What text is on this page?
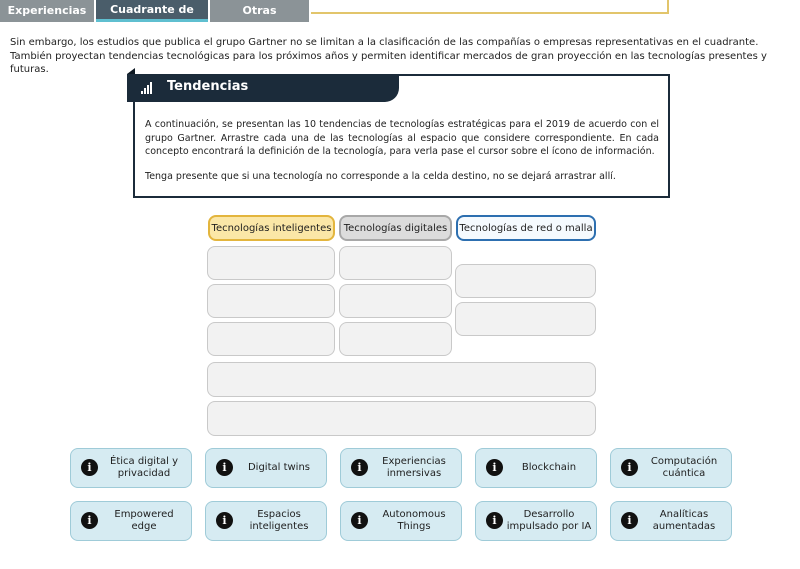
Experiencias	Cuadrante de Gartner
Otras evaluaciones

Sin embargo, los estudios que publica el grupo Gartner no se limitan a la clasificación de las compañías o empresas representativas en el cuadrante. También proyectan tendencias tecnológicas para los próximos años y permiten identificar mercados de gran proyección en las tecnologías presentes y futuras.

Tendencias

A continuación, se presentan las 10 tendencias de tecnologías estratégicas para el 2019 de acuerdo con el grupo Gartner. Arrastre cada una de las tecnologías al espacio que considere correspondiente. En cada concepto encontrará la definición de la tecnología, para verla pase el cursor sobre el ícono de información.

Tenga presente que si una tecnología no corresponde a la celda destino, no se dejará arrastrar allí.

Tecnologías inteligentes	Tecnologías digitales	Tecnologías de red o malla
i	Ética digital y privacidad	i	Digital twins	i	Experiencias inmersivas	i	Blockchain	i	Computación cuántica
i	Empowered edge	i	Espacios inteligentes	i	Autonomous Things	i	Desarrollo impulsado por IA	i	Analíticas aumentadas
